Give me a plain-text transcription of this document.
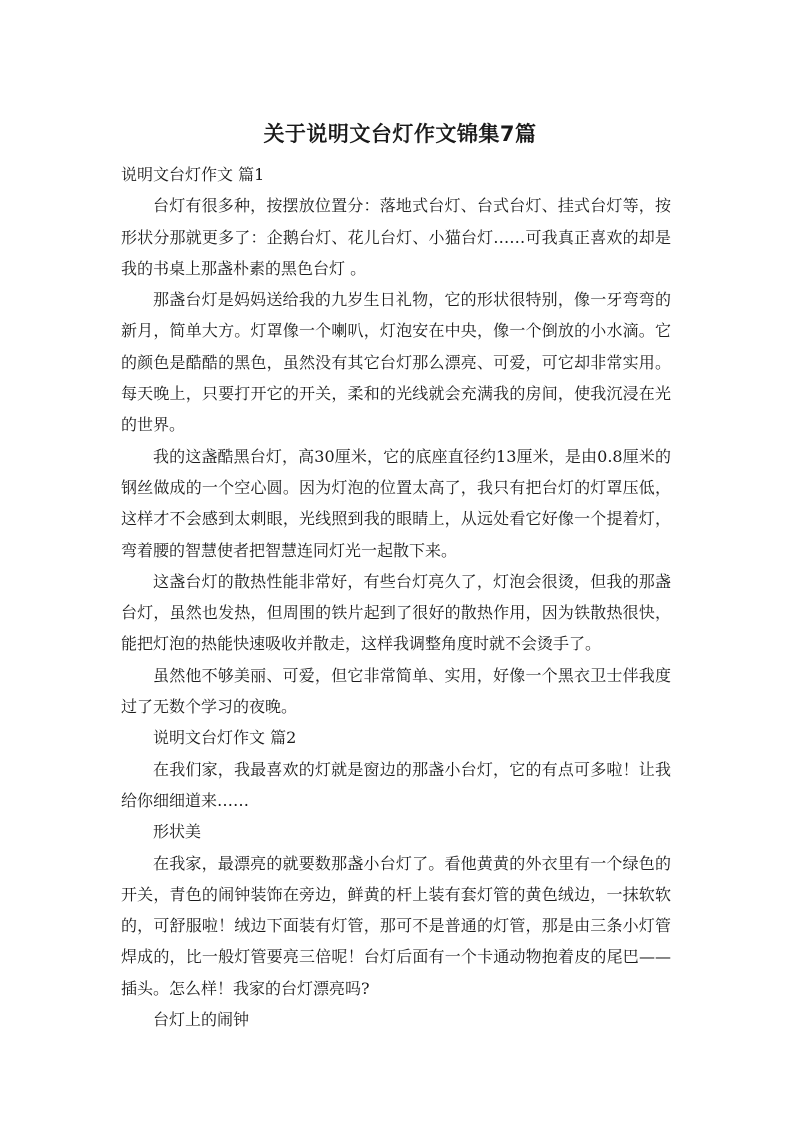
关于说明文台灯作文锦集7篇

说明文台灯作文 篇1

台灯有很多种，按摆放位置分：落地式台灯、台式台灯、挂式台灯等，按形状分那就更多了：企鹅台灯、花儿台灯、小猫台灯……可我真正喜欢的却是我的书桌上那盏朴素的黑色台灯 。

那盏台灯是妈妈送给我的九岁生日礼物，它的形状很特别，像一牙弯弯的新月，简单大方。灯罩像一个喇叭，灯泡安在中央，像一个倒放的小水滴。它的颜色是酷酷的黑色，虽然没有其它台灯那么漂亮、可爱，可它却非常实用。每天晚上，只要打开它的开关，柔和的光线就会充满我的房间，使我沉浸在光的世界。

我的这盏酷黑台灯，高30厘米，它的底座直径约13厘米，是由0.8厘米的钢丝做成的一个空心圆。因为灯泡的位置太高了，我只有把台灯的灯罩压低，这样才不会感到太刺眼，光线照到我的眼睛上，从远处看它好像一个提着灯，弯着腰的智慧使者把智慧连同灯光一起散下来。

这盏台灯的散热性能非常好，有些台灯亮久了，灯泡会很烫，但我的那盏台灯，虽然也发热，但周围的铁片起到了很好的散热作用，因为铁散热很快，能把灯泡的热能快速吸收并散走，这样我调整角度时就不会烫手了。

虽然他不够美丽、可爱，但它非常简单、实用，好像一个黑衣卫士伴我度过了无数个学习的夜晚。

说明文台灯作文 篇2

在我们家，我最喜欢的灯就是窗边的那盏小台灯，它的有点可多啦！让我给你细细道来……

形状美

在我家，最漂亮的就要数那盏小台灯了。看他黄黄的外衣里有一个绿色的开关，青色的闹钟装饰在旁边，鲜黄的杆上装有套灯管的黄色绒边，一抹软软的，可舒服啦！绒边下面装有灯管，那可不是普通的灯管，那是由三条小灯管焊成的，比一般灯管要亮三倍呢！台灯后面有一个卡通动物抱着皮的尾巴——插头。怎么样！我家的台灯漂亮吗?

台灯上的闹钟
